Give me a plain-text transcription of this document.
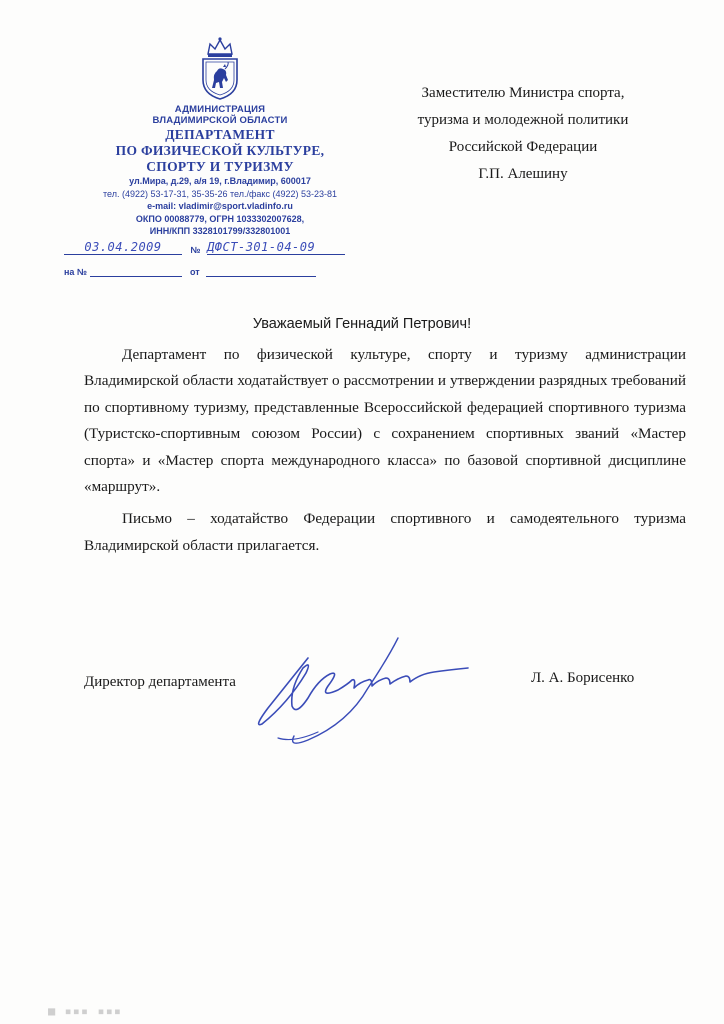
АДМИНИСТРАЦИЯ
ВЛАДИМИРСКОЙ ОБЛАСТИ
ДЕПАРТАМЕНТ
ПО ФИЗИЧЕСКОЙ КУЛЬТУРЕ,
СПОРТУ И ТУРИЗМУ
ул.Мира, д.29, а/я 19, г.Владимир, 600017
тел. (4922) 53-17-31, 35-35-26 тел./факс (4922) 53-23-81
e-mail: vladimir@sport.vladinfo.ru
ОКПО 00088779, ОГРН 1033302007628,
ИНН/КПП 3328101799/332801001
03.04.2009	№ ДФСТ-301-04-09
на №	от
Заместителю Министра спорта,
туризма и молодежной политики
Российской Федерации
Г.П. Алешину
Уважаемый Геннадий Петрович!

Департамент по физической культуре, спорту и туризму администрации Владимирской области ходатайствует о рассмотрении и утверждении разрядных требований по спортивному туризму, представленные Всероссийской федерацией спортивного туризма (Туристско-спортивным союзом России) с сохранением спортивных званий «Мастер спорта» и «Мастер спорта международного класса» по базовой спортивной дисциплине «маршрут».

Письмо – ходатайство Федерации спортивного и самодеятельного туризма Владимирской области прилагается.

Директор департамента	Л. А. Борисенко
■ ▪▪▪ ▪▪▪
